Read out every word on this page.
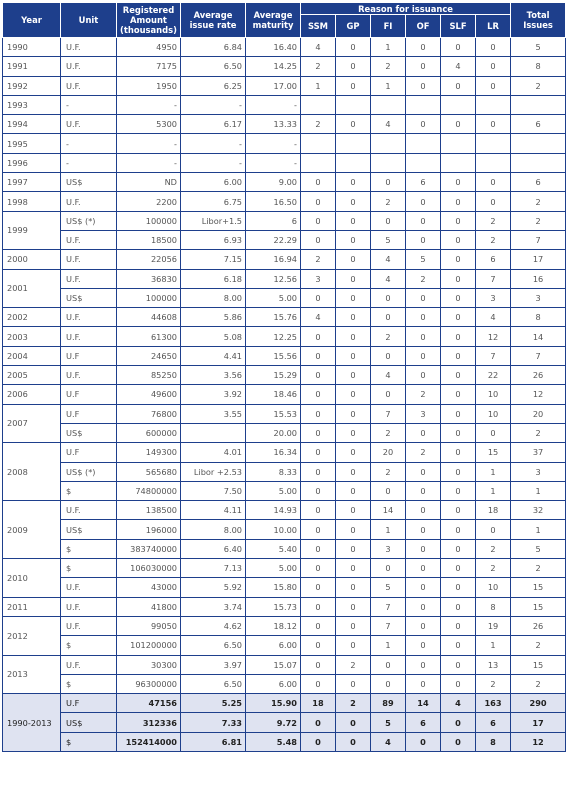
Year	Unit	Registered Amount (thousands)	Average issue rate	Average maturity	Reason for issuance						Total Issues
					SSM	GP	FI	OF	SLF	LR	
1990	U.F.	4950	6.84	16.40	4	0	1	0	0	0	5
1991	U.F.	7175	6.50	14.25	2	0	2	0	4	0	8
1992	U.F.	1950	6.25	17.00	1	0	1	0	0	0	2
1993	-	-	-	-							
1994	U.F.	5300	6.17	13.33	2	0	4	0	0	0	6
1995	-	-	-	-							
1996	-	-	-	-							
1997	US$	ND	6.00	9.00	0	0	0	6	0	0	6
1998	U.F.	2200	6.75	16.50	0	0	2	0	0	0	2
1999	US$ (*)	100000	Libor+1.5	6	0	0	0	0	0	2	2
	U.F.	18500	6.93	22.29	0	0	5	0	0	2	7
2000	U.F.	22056	7.15	16.94	2	0	4	5	0	6	17
2001	U.F.	36830	6.18	12.56	3	0	4	2	0	7	16
	US$	100000	8.00	5.00	0	0	0	0	0	3	3
2002	U.F.	44608	5.86	15.76	4	0	0	0	0	4	8
2003	U.F.	61300	5.08	12.25	0	0	2	0	0	12	14
2004	U.F	24650	4.41	15.56	0	0	0	0	0	7	7
2005	U.F.	85250	3.56	15.29	0	0	4	0	0	22	26
2006	U.F	49600	3.92	18.46	0	0	0	2	0	10	12
2007	U.F	76800	3.55	15.53	0	0	7	3	0	10	20
	US$	600000		20.00	0	0	2	0	0	0	2
2008	U.F	149300	4.01	16.34	0	0	20	2	0	15	37
	US$ (*)	565680	Libor +2.53	8.33	0	0	2	0	0	1	3
	$	74800000	7.50	5.00	0	0	0	0	0	1	1
2009	U.F.	138500	4.11	14.93	0	0	14	0	0	18	32
	US$	196000	8.00	10.00	0	0	1	0	0	0	1
	$	383740000	6.40	5.40	0	0	3	0	0	2	5
2010	$	106030000	7.13	5.00	0	0	0	0	0	2	2
	U.F.	43000	5.92	15.80	0	0	5	0	0	10	15
2011	U.F.	41800	3.74	15.73	0	0	7	0	0	8	15
2012	U.F.	99050	4.62	18.12	0	0	7	0	0	19	26
	$	101200000	6.50	6.00	0	0	1	0	0	1	2
2013	U.F.	30300	3.97	15.07	0	2	0	0	0	13	15
	$	96300000	6.50	6.00	0	0	0	0	0	2	2
1990-2013	U.F	47156	5.25	15.90	18	2	89	14	4	163	290
	US$	312336	7.33	9.72	0	0	5	6	0	6	17
	$	152414000	6.81	5.48	0	0	4	0	0	8	12
